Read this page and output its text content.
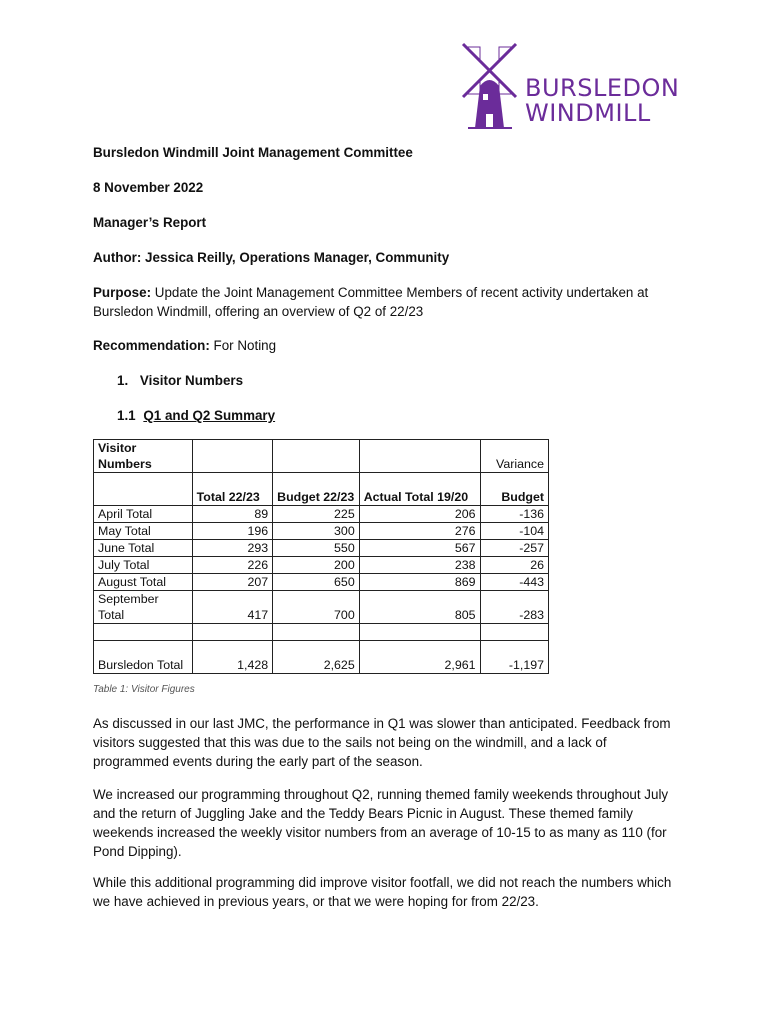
BURSLEDON
WINDMILL
Bursledon Windmill Joint Management Committee
8 November 2022
Manager’s Report
Author: Jessica Reilly, Operations Manager, Community
Purpose: Update the Joint Management Committee Members of recent activity undertaken at Bursledon Windmill, offering an overview of Q2 of 22/23
Recommendation: For Noting
1. Visitor Numbers
1.1 Q1 and Q2 Summary
Visitor Numbers				Variance
	Total 22/23	Budget 22/23	Actual Total 19/20	Budget
April Total	89	225	206	-136
May Total	196	300	276	-104
June Total	293	550	567	-257
July Total	226	200	238	26
August Total	207	650	869	-443
September Total	417	700	805	-283

Bursledon Total	1,428	2,625	2,961	-1,197
Table 1: Visitor Figures
As discussed in our last JMC, the performance in Q1 was slower than anticipated. Feedback from visitors suggested that this was due to the sails not being on the windmill, and a lack of programmed events during the early part of the season.
We increased our programming throughout Q2, running themed family weekends throughout July and the return of Juggling Jake and the Teddy Bears Picnic in August. These themed family weekends increased the weekly visitor numbers from an average of 10-15 to as many as 110 (for Pond Dipping).
While this additional programming did improve visitor footfall, we did not reach the numbers which we have achieved in previous years, or that we were hoping for from 22/23.
